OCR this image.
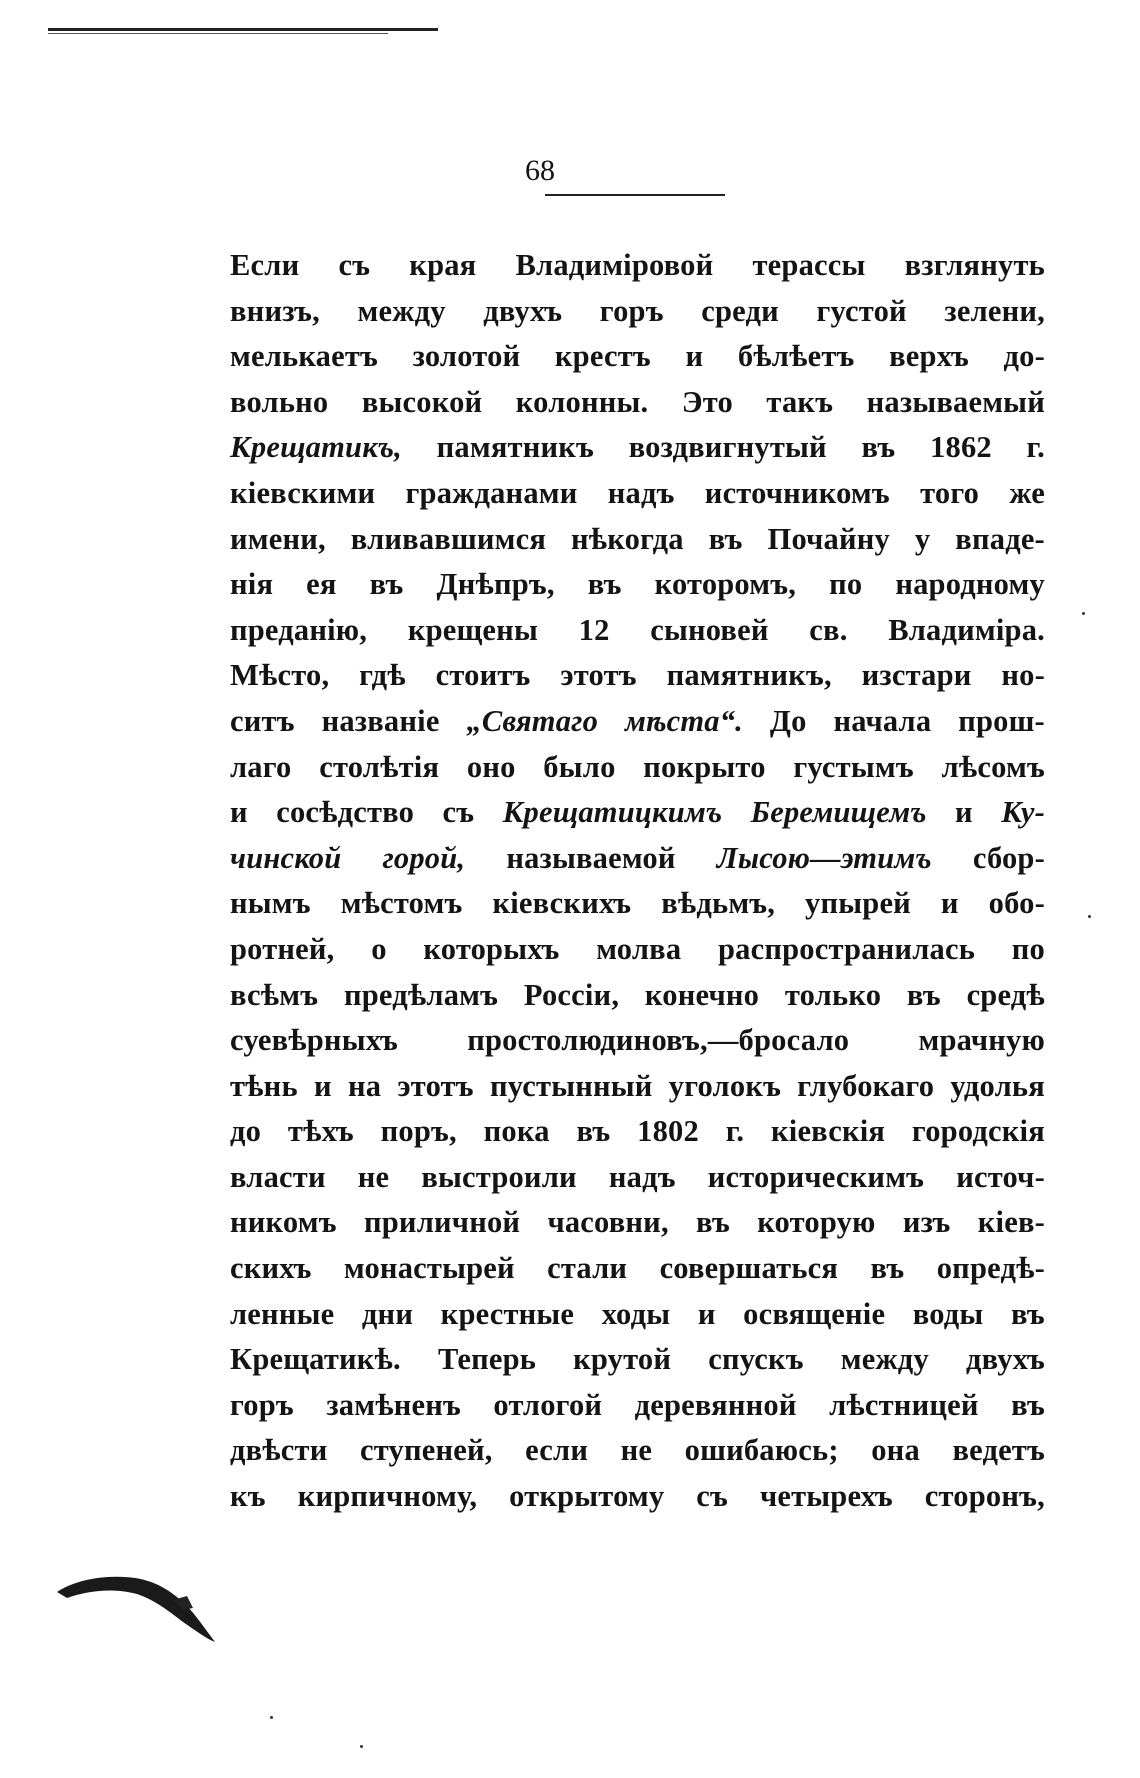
68
Если съ края Владиміровой терассы взглянуть
внизъ, между двухъ горъ среди густой зелени,
мелькаетъ золотой крестъ и бѣлѣетъ верхъ до-
вольно высокой колонны. Это такъ называемый
Крещатикъ, памятникъ воздвигнутый въ 1862 г.
кіевскими гражданами надъ источникомъ того же
имени, вливавшимся нѣкогда въ Почайну у впаде-
нія ея въ Днѣпръ, въ которомъ, по народному
преданію, крещены 12 сыновей св. Владиміра.
Мѣсто, гдѣ стоитъ этотъ памятникъ, изстари но-
ситъ названіе „Святаго мѣста“. До начала прош-
лаго столѣтія оно было покрыто густымъ лѣсомъ
и сосѣдство съ Крещатицкимъ Беремищемъ и Ку-
чинской горой, называемой Лысою—этимъ сбор-
нымъ мѣстомъ кіевскихъ вѣдьмъ, упырей и обо-
ротней, о которыхъ молва распространилась по
всѣмъ предѣламъ Россіи, конечно только въ средѣ
суевѣрныхъ простолюдиновъ,—бросало мрачную
тѣнь и на этотъ пустынный уголокъ глубокаго удолья
до тѣхъ поръ, пока въ 1802 г. кіевскія городскія
власти не выстроили надъ историческимъ источ-
никомъ приличной часовни, въ которую изъ кіев-
скихъ монастырей стали совершаться въ опредѣ-
ленные дни крестные ходы и освященіе воды въ
Крещатикѣ. Теперь крутой спускъ между двухъ
горъ замѣненъ отлогой деревянной лѣстницей въ
двѣсти ступеней, если не ошибаюсь; она ведетъ
къ кирпичному, открытому съ четырехъ сторонъ,
